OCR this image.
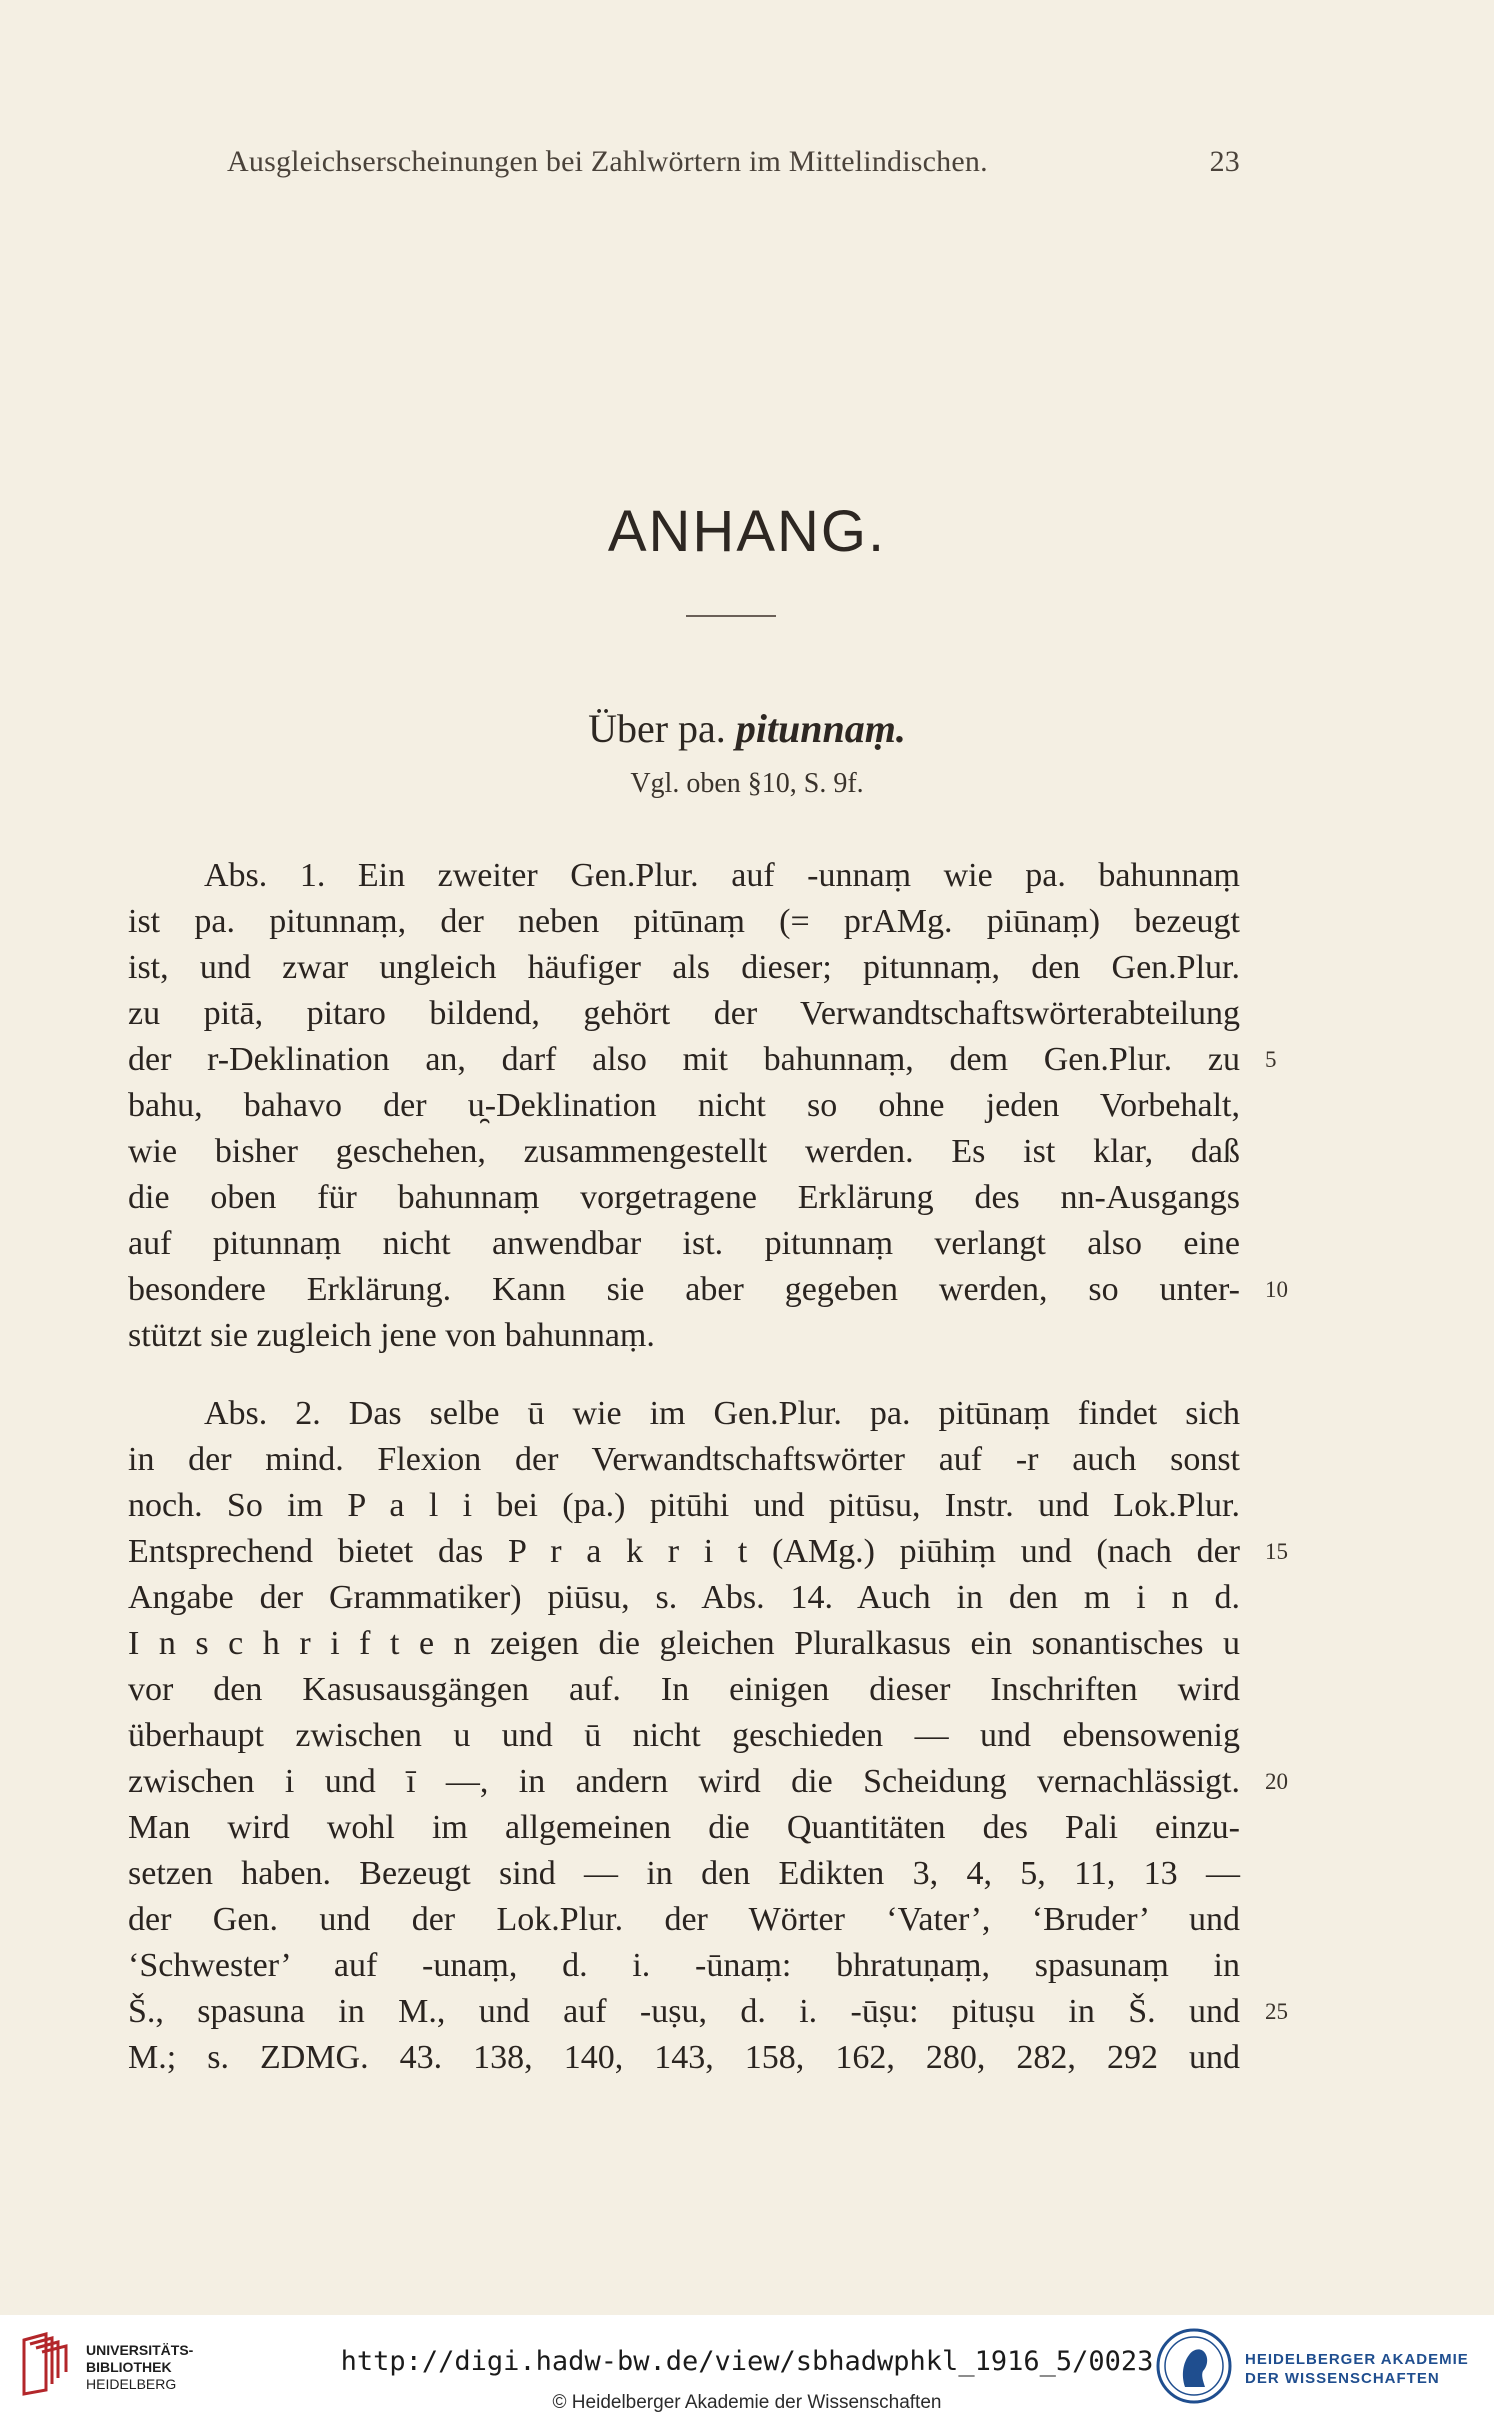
Ausgleichserscheinungen bei Zahlwörtern im Mittelindischen.	23
ANHANG.
Über pa. pitunnaṃ.
Vgl. oben §10, S. 9f.
Abs. 1. Ein zweiter Gen.Plur. auf -unnaṃ wie pa. bahunnaṃ
ist pa. pitunnaṃ, der neben pitūnaṃ (= prAMg. piūnaṃ) bezeugt
ist, und zwar ungleich häufiger als dieser; pitunnaṃ, den Gen.Plur.
zu pitā, pitaro bildend, gehört der Verwandtschaftswörterabteilung
der r-Deklination an, darf also mit bahunnaṃ, dem Gen.Plur. zu
bahu, bahavo der u̯-Deklination nicht so ohne jeden Vorbehalt,
wie bisher geschehen, zusammengestellt werden. Es ist klar, daß
die oben für bahunnaṃ vorgetragene Erklärung des nn-Ausgangs
auf pitunnaṃ nicht anwendbar ist. pitunnaṃ verlangt also eine
besondere Erklärung. Kann sie aber gegeben werden, so unter-
stützt sie zugleich jene von bahunnaṃ.
Abs. 2. Das selbe ū wie im Gen.Plur. pa. pitūnaṃ findet sich
in der mind. Flexion der Verwandtschaftswörter auf -r auch sonst
noch. So im P a l i bei (pa.) pitūhi und pitūsu, Instr. und Lok.Plur.
Entsprechend bietet das P r a k r i t (AMg.) piūhiṃ und (nach der
Angabe der Grammatiker) piūsu, s. Abs. 14. Auch in den m i n d.
I n s c h r i f t e n zeigen die gleichen Pluralkasus ein sonantisches u
vor den Kasusausgängen auf. In einigen dieser Inschriften wird
überhaupt zwischen u und ū nicht geschieden — und ebensowenig
zwischen i und ī —, in andern wird die Scheidung vernachlässigt.
Man wird wohl im allgemeinen die Quantitäten des Pali einzu-
setzen haben. Bezeugt sind — in den Edikten 3, 4, 5, 11, 13 —
der Gen. und der Lok.Plur. der Wörter ‘Vater’, ‘Bruder’ und
‘Schwester’ auf -unaṃ, d. i. -ūnaṃ: bhratuṇaṃ, spasunaṃ in
Š., spasuna in M., und auf -uṣu, d. i. -ūṣu: pituṣu in Š. und
M.; s. ZDMG. 43. 138, 140, 143, 158, 162, 280, 282, 292 und
5
10
15
20
25
UNIVERSITÄTS-
BIBLIOTHEK
HEIDELBERG
http://digi.hadw-bw.de/view/sbhadwphkl_1916_5/0023
© Heidelberger Akademie der Wissenschaften
HEIDELBERGER AKADEMIE
DER WISSENSCHAFTEN
